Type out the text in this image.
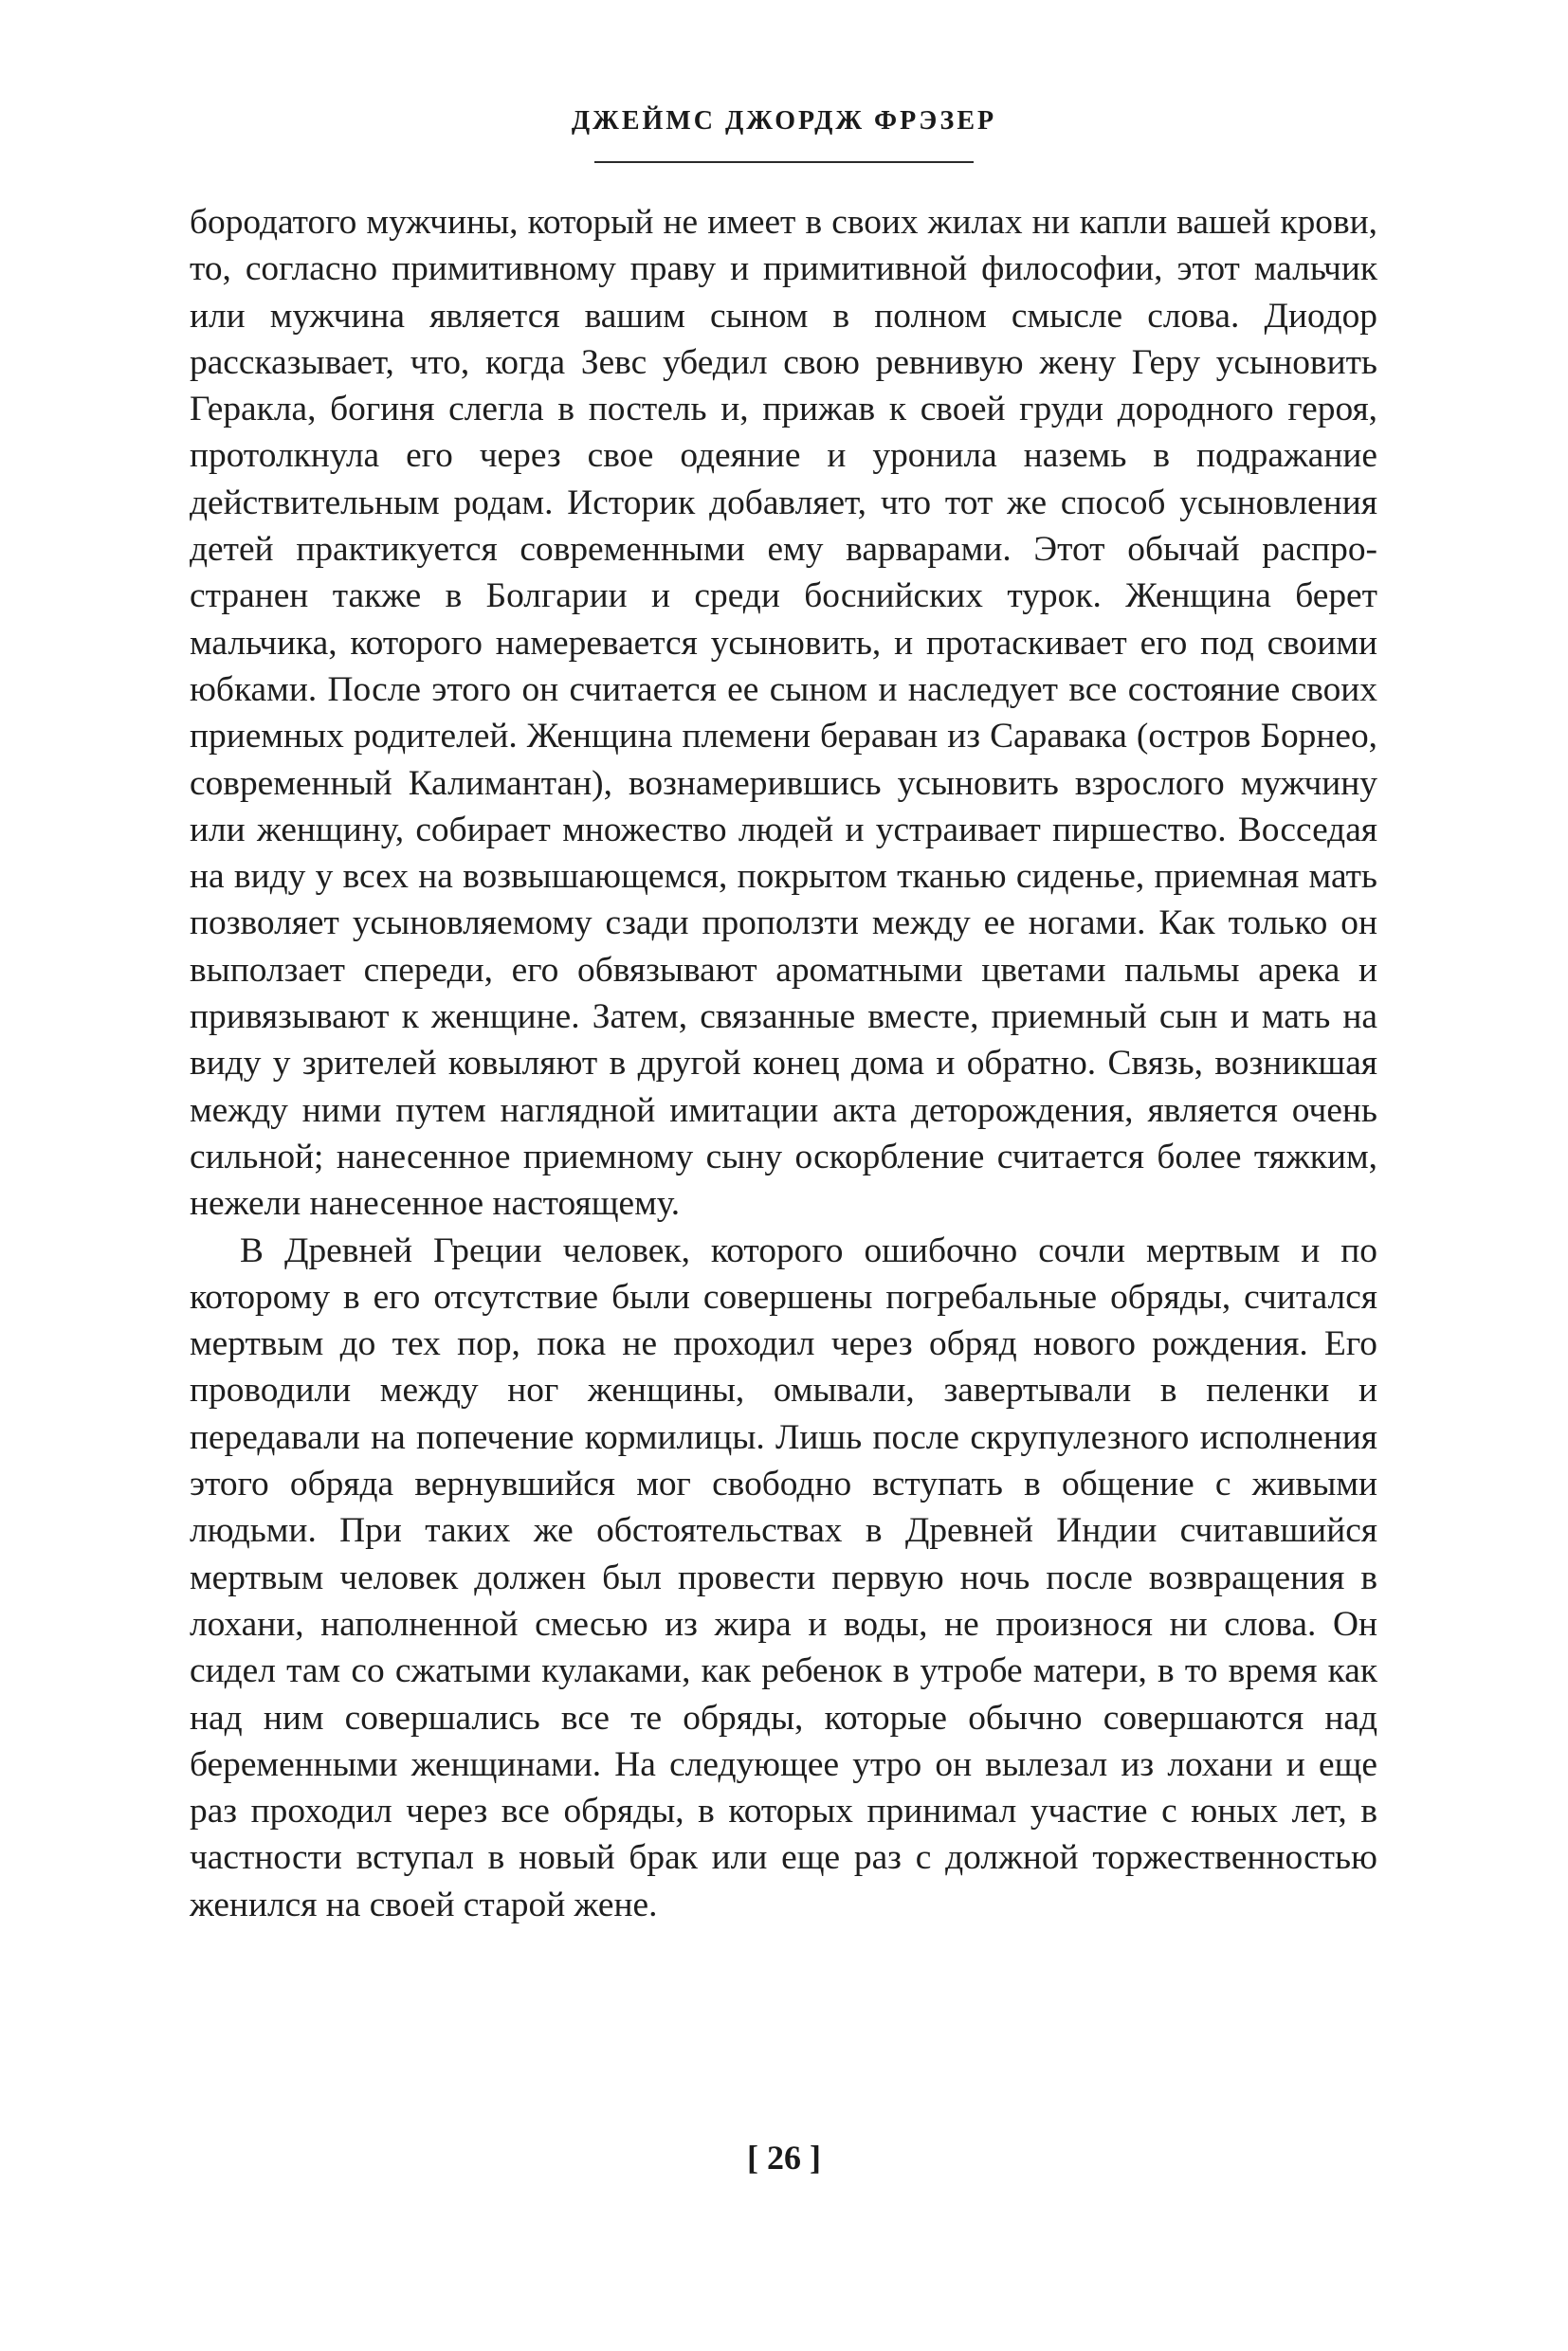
ДЖЕЙМС ДЖОРДЖ ФРЭЗЕР

бородатого мужчины, который не имеет в своих жилах ни капли вашей крови, то, согласно примитивному праву и примитивной философии, этот мальчик или мужчина является вашим сыном в полном смысле слова. Диодор рассказывает, что, когда Зевс убедил свою ревнивую жену Геру усыновить Геракла, богиня слегла в постель и, прижав к своей груди дородного героя, протолкнула его через свое одеяние и уронила наземь в подражание действительным родам. Историк добавляет, что тот же способ усыновления детей практикуется современными ему варварами. Этот обычай распространен также в Болгарии и среди боснийских турок. Женщина берет мальчика, которого намеревается усыновить, и протаскивает его под своими юбками. После этого он считается ее сыном и наследует все состояние своих приемных родителей. Женщина племени бераван из Саравака (остров Борнео, современный Калимантан), вознамерившись усыновить взрослого мужчину или женщину, собирает множество людей и устраивает пиршество. Восседая на виду у всех на возвышающемся, покрытом тканью сиденье, приемная мать позволяет усыновляемому сзади проползти между ее ногами. Как только он выползает спереди, его обвязывают ароматными цветами пальмы арека и привязывают к женщине. Затем, связанные вместе, приемный сын и мать на виду у зрителей ковыляют в другой конец дома и обратно. Связь, возникшая между ними путем наглядной имитации акта деторождения, является очень сильной; нанесенное приемному сыну оскорбление считается более тяжким, нежели нанесенное настоящему.

В Древней Греции человек, которого ошибочно сочли мертвым и по которому в его отсутствие были совершены погребальные обряды, считался мертвым до тех пор, пока не проходил через обряд нового рождения. Его проводили между ног женщины, омывали, завертывали в пеленки и передавали на попечение кормилицы. Лишь после скрупулезного исполнения этого обряда вернувшийся мог свободно вступать в общение с живыми людьми. При таких же обстоятельствах в Древней Индии считавшийся мертвым человек должен был провести первую ночь после возвращения в лохани, наполненной смесью из жира и воды, не произнося ни слова. Он сидел там со сжатыми кулаками, как ребенок в утробе матери, в то время как над ним совершались все те обряды, которые обычно совершаются над беременными женщинами. На следующее утро он вылезал из лохани и еще раз проходил через все обряды, в которых принимал участие с юных лет, в частности вступал в новый брак или еще раз с должной торжественностью женился на своей старой жене.

[ 26 ]
